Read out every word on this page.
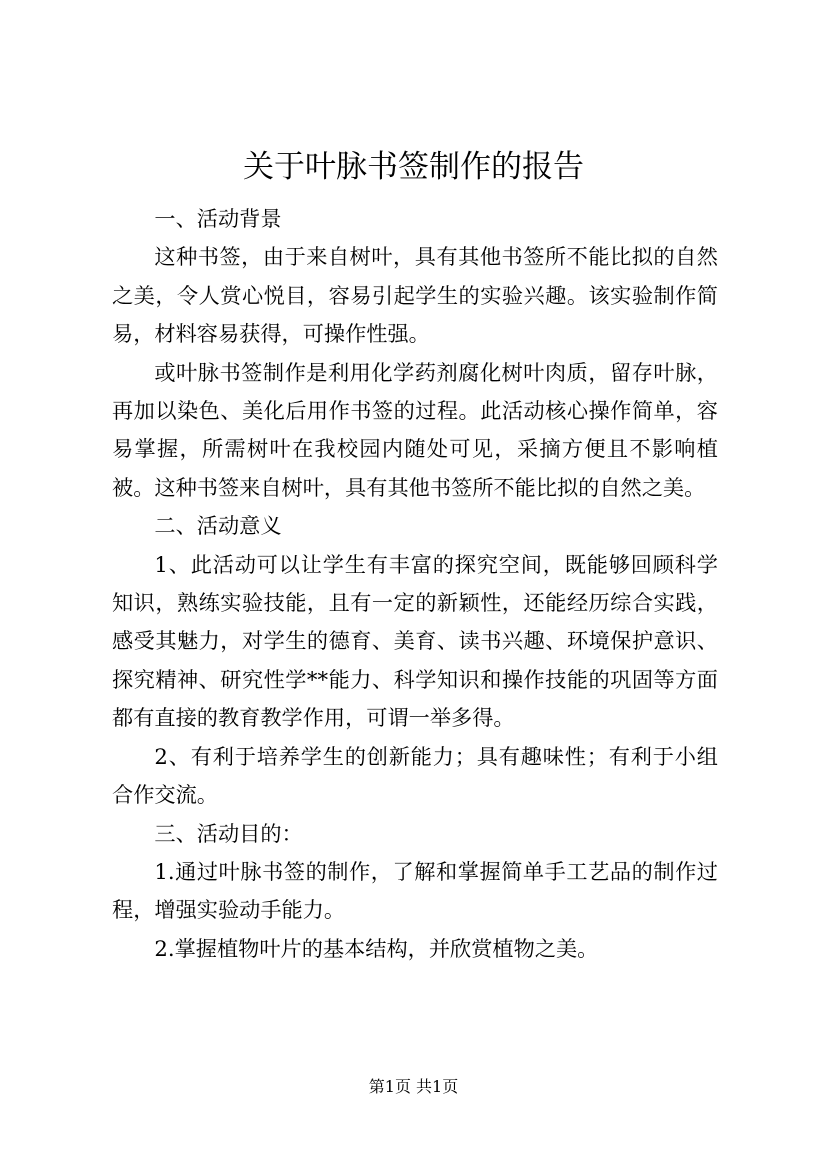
关于叶脉书签制作的报告

一、活动背景

这种书签，由于来自树叶，具有其他书签所不能比拟的自然之美，令人赏心悦目，容易引起学生的实验兴趣。该实验制作简易，材料容易获得，可操作性强。

或叶脉书签制作是利用化学药剂腐化树叶肉质，留存叶脉，再加以染色、美化后用作书签的过程。此活动核心操作简单，容易掌握，所需树叶在我校园内随处可见，采摘方便且不影响植被。这种书签来自树叶，具有其他书签所不能比拟的自然之美。

二、活动意义

1、此活动可以让学生有丰富的探究空间，既能够回顾科学知识，熟练实验技能，且有一定的新颖性，还能经历综合实践，感受其魅力，对学生的德育、美育、读书兴趣、环境保护意识、探究精神、研究性学**能力、科学知识和操作技能的巩固等方面都有直接的教育教学作用，可谓一举多得。

2、有利于培养学生的创新能力；具有趣味性；有利于小组合作交流。

三、活动目的：

1.通过叶脉书签的制作，了解和掌握简单手工艺品的制作过程，增强实验动手能力。

2.掌握植物叶片的基本结构，并欣赏植物之美。

第1页 共1页
